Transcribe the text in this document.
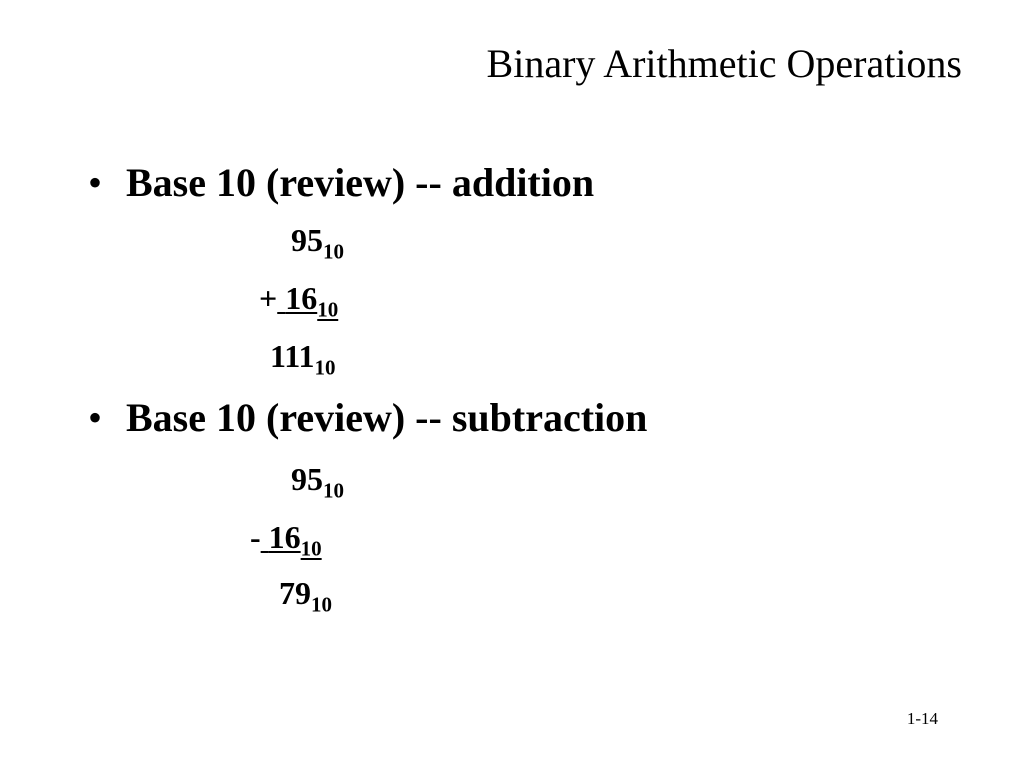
Binary Arithmetic Operations
• Base 10 (review) -- addition
$95_{10}$
+ $16_{10}$
$111_{10}$
• Base 10 (review) -- subtraction
$95_{10}$
- $16_{10}$
$79_{10}$
1-14
